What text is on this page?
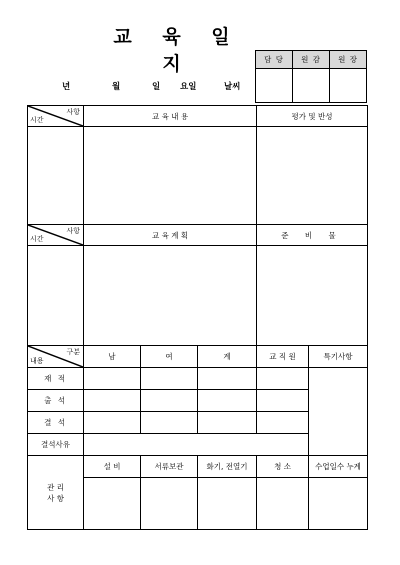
교 육 일 지	담 당	원 감	원 장

년	월	일 요일	날씨
사항
시간	교 육 내 용			평가 및 반성	

사항
시간	교 육 계 획			준 비 물	

구분
내용	남	여	계	교 직 원	특기사항
재 적					
출 석					
결 석					
결석사유					

관 리
사 항	설 비	서류보관	화기, 전열기	청 소	수업일수 누계
